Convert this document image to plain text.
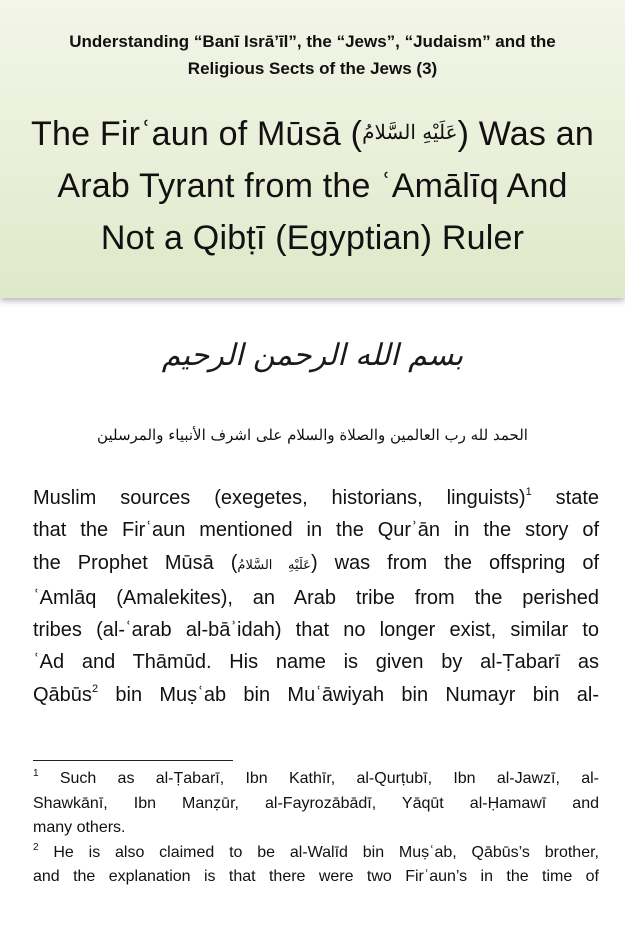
Understanding “Banī Isrā’īl”, the “Jews”, “Judaism” and the
Religious Sects of the Jews (3)
The Firʿaun of Mūsā (عَلَيْهِ السَّلامُ) Was an
Arab Tyrant from the ʿAmālīq And
Not a Qibṭī (Egyptian) Ruler
بسم الله الرحمن الرحيم
الحمد لله رب العالمين والصلاة والسلام على اشرف الأنبياء والمرسلين
Muslim sources (exegetes, historians, linguists)$^1$ state
that the Firʿaun mentioned in the Qurʾān in the story of
the Prophet Mūsā (عَلَيْهِ السَّلامُ) was from the offspring of
ʿAmlāq (Amalekites), an Arab tribe from the perished
tribes (al-ʿarab al-bāʾidah) that no longer exist, similar to
ʿAd and Thāmūd. His name is given by al-Ṭabarī as
Qābūs$^2$ bin Muṣʿab bin Muʿāwiyah bin Numayr bin al-
$^1$ Such as al-Ṭabarī, Ibn Kathīr, al-Qurṭubī, Ibn al-Jawzī, al-
Shawkānī, Ibn Manẓūr, al-Fayrozābādī, Yāqūt al-Ḥamawī and
many others.
$^2$ He is also claimed to be al-Walīd bin Muṣʿab, Qābūs’s brother,
and the explanation is that there were two Firʿaun’s in the time of
